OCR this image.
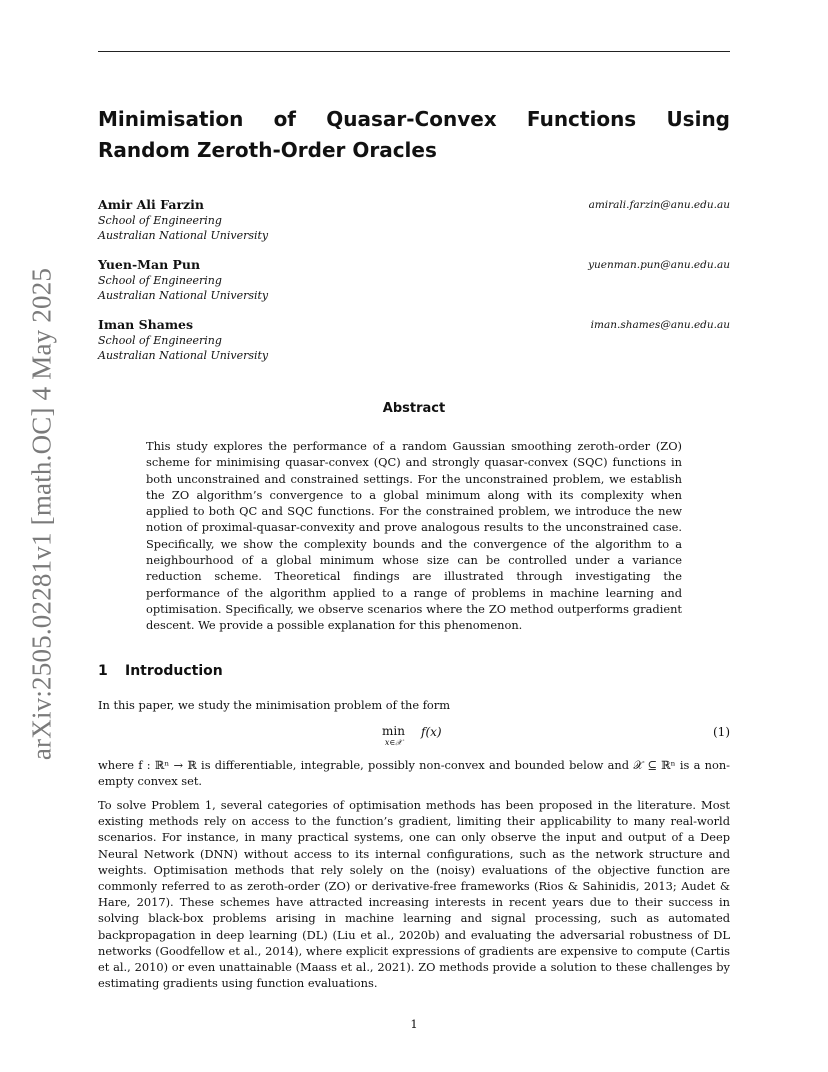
arXiv:2505.02281v1 [math.OC] 4 May 2025
Minimisation of Quasar-Convex Functions Using Random Zeroth-Order Oracles
Amir Ali Farzin
School of Engineering
Australian National University
amirali.farzin@anu.edu.au
Yuen-Man Pun
School of Engineering
Australian National University
yuenman.pun@anu.edu.au
Iman Shames
School of Engineering
Australian National University
iman.shames@anu.edu.au
Abstract

This study explores the performance of a random Gaussian smoothing zeroth-order (ZO) scheme for minimising quasar-convex (QC) and strongly quasar-convex (SQC) functions in both unconstrained and constrained settings. For the unconstrained problem, we establish the ZO algorithm’s convergence to a global minimum along with its complexity when applied to both QC and SQC functions. For the constrained problem, we introduce the new notion of proximal-quasar-convexity and prove analogous results to the unconstrained case. Specifically, we show the complexity bounds and the convergence of the algorithm to a neighbourhood of a global minimum whose size can be controlled under a variance reduction scheme. Theoretical findings are illustrated through investigating the performance of the algorithm applied to a range of problems in machine learning and optimisation. Specifically, we observe scenarios where the ZO method outperforms gradient descent. We provide a possible explanation for this phenomenon.

1 Introduction

In this paper, we study the minimisation problem of the form

min
x∈𝒳
f(x)	(1)

where f : ℝⁿ → ℝ is differentiable, integrable, possibly non-convex and bounded below and 𝒳 ⊆ ℝⁿ is a non-empty convex set.

To solve Problem 1, several categories of optimisation methods has been proposed in the literature. Most existing methods rely on access to the function’s gradient, limiting their applicability to many real-world scenarios. For instance, in many practical systems, one can only observe the input and output of a Deep Neural Network (DNN) without access to its internal configurations, such as the network structure and weights. Optimisation methods that rely solely on the (noisy) evaluations of the objective function are commonly referred to as zeroth-order (ZO) or derivative-free frameworks (Rios & Sahinidis, 2013; Audet & Hare, 2017). These schemes have attracted increasing interests in recent years due to their success in solving black-box problems arising in machine learning and signal processing, such as automated backpropagation in deep learning (DL) (Liu et al., 2020b) and evaluating the adversarial robustness of DL networks (Goodfellow et al., 2014), where explicit expressions of gradients are expensive to compute (Cartis et al., 2010) or even unattainable (Maass et al., 2021). ZO methods provide a solution to these challenges by estimating gradients using function evaluations.

1
